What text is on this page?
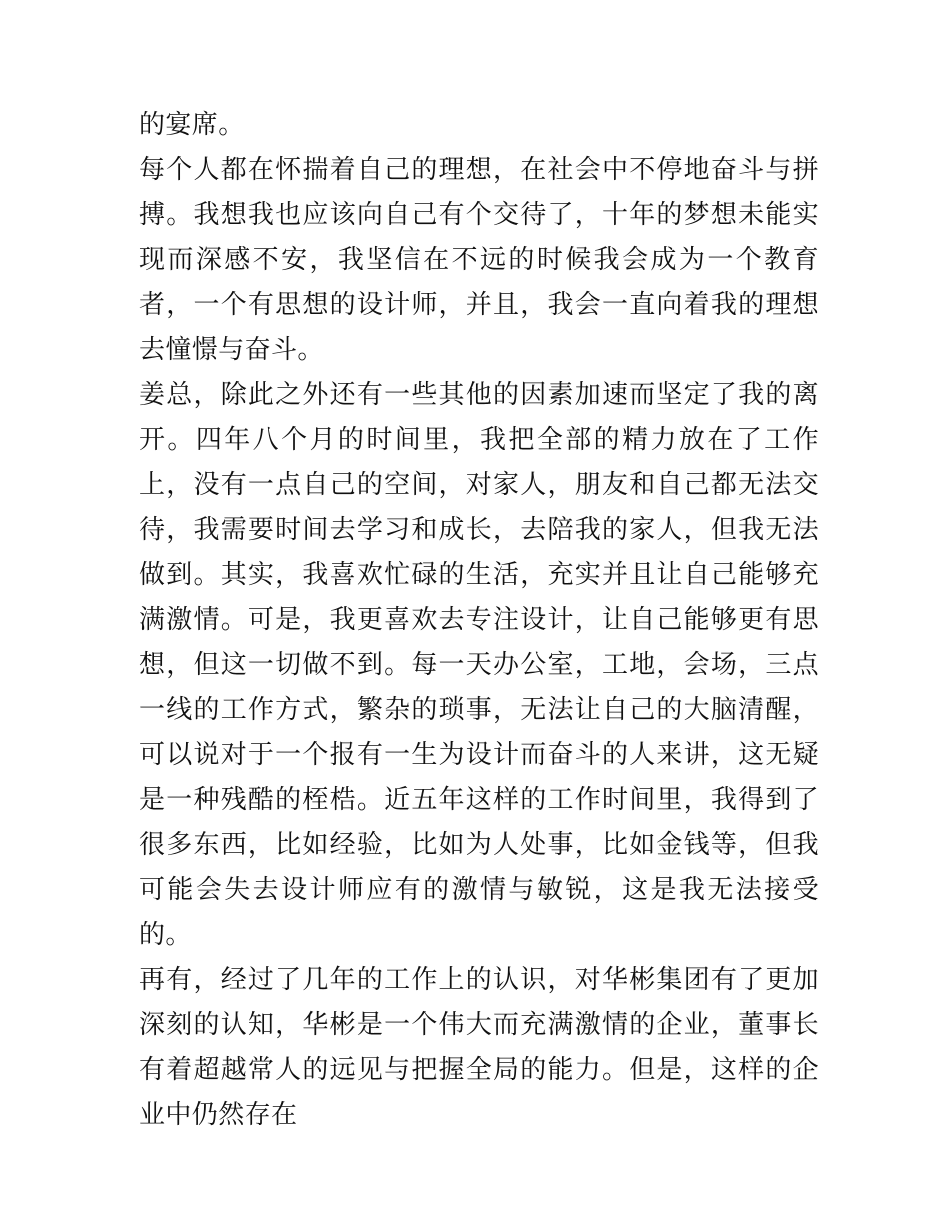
的宴席。

每个人都在怀揣着自己的理想，在社会中不停地奋斗与拼搏。我想我也应该向自己有个交待了，十年的梦想未能实现而深感不安，我坚信在不远的时候我会成为一个教育者，一个有思想的设计师，并且，我会一直向着我的理想去憧憬与奋斗。

姜总，除此之外还有一些其他的因素加速而坚定了我的离开。四年八个月的时间里，我把全部的精力放在了工作上，没有一点自己的空间，对家人，朋友和自己都无法交待，我需要时间去学习和成长，去陪我的家人，但我无法做到。其实，我喜欢忙碌的生活，充实并且让自己能够充满激情。可是，我更喜欢去专注设计，让自己能够更有思想，但这一切做不到。每一天办公室，工地，会场，三点一线的工作方式，繁杂的琐事，无法让自己的大脑清醒，可以说对于一个报有一生为设计而奋斗的人来讲，这无疑是一种残酷的桎梏。近五年这样的工作时间里，我得到了很多东西，比如经验，比如为人处事，比如金钱等，但我可能会失去设计师应有的激情与敏锐，这是我无法接受的。

再有，经过了几年的工作上的认识，对华彬集团有了更加深刻的认知，华彬是一个伟大而充满激情的企业，董事长有着超越常人的远见与把握全局的能力。但是，这样的企业中仍然存在
